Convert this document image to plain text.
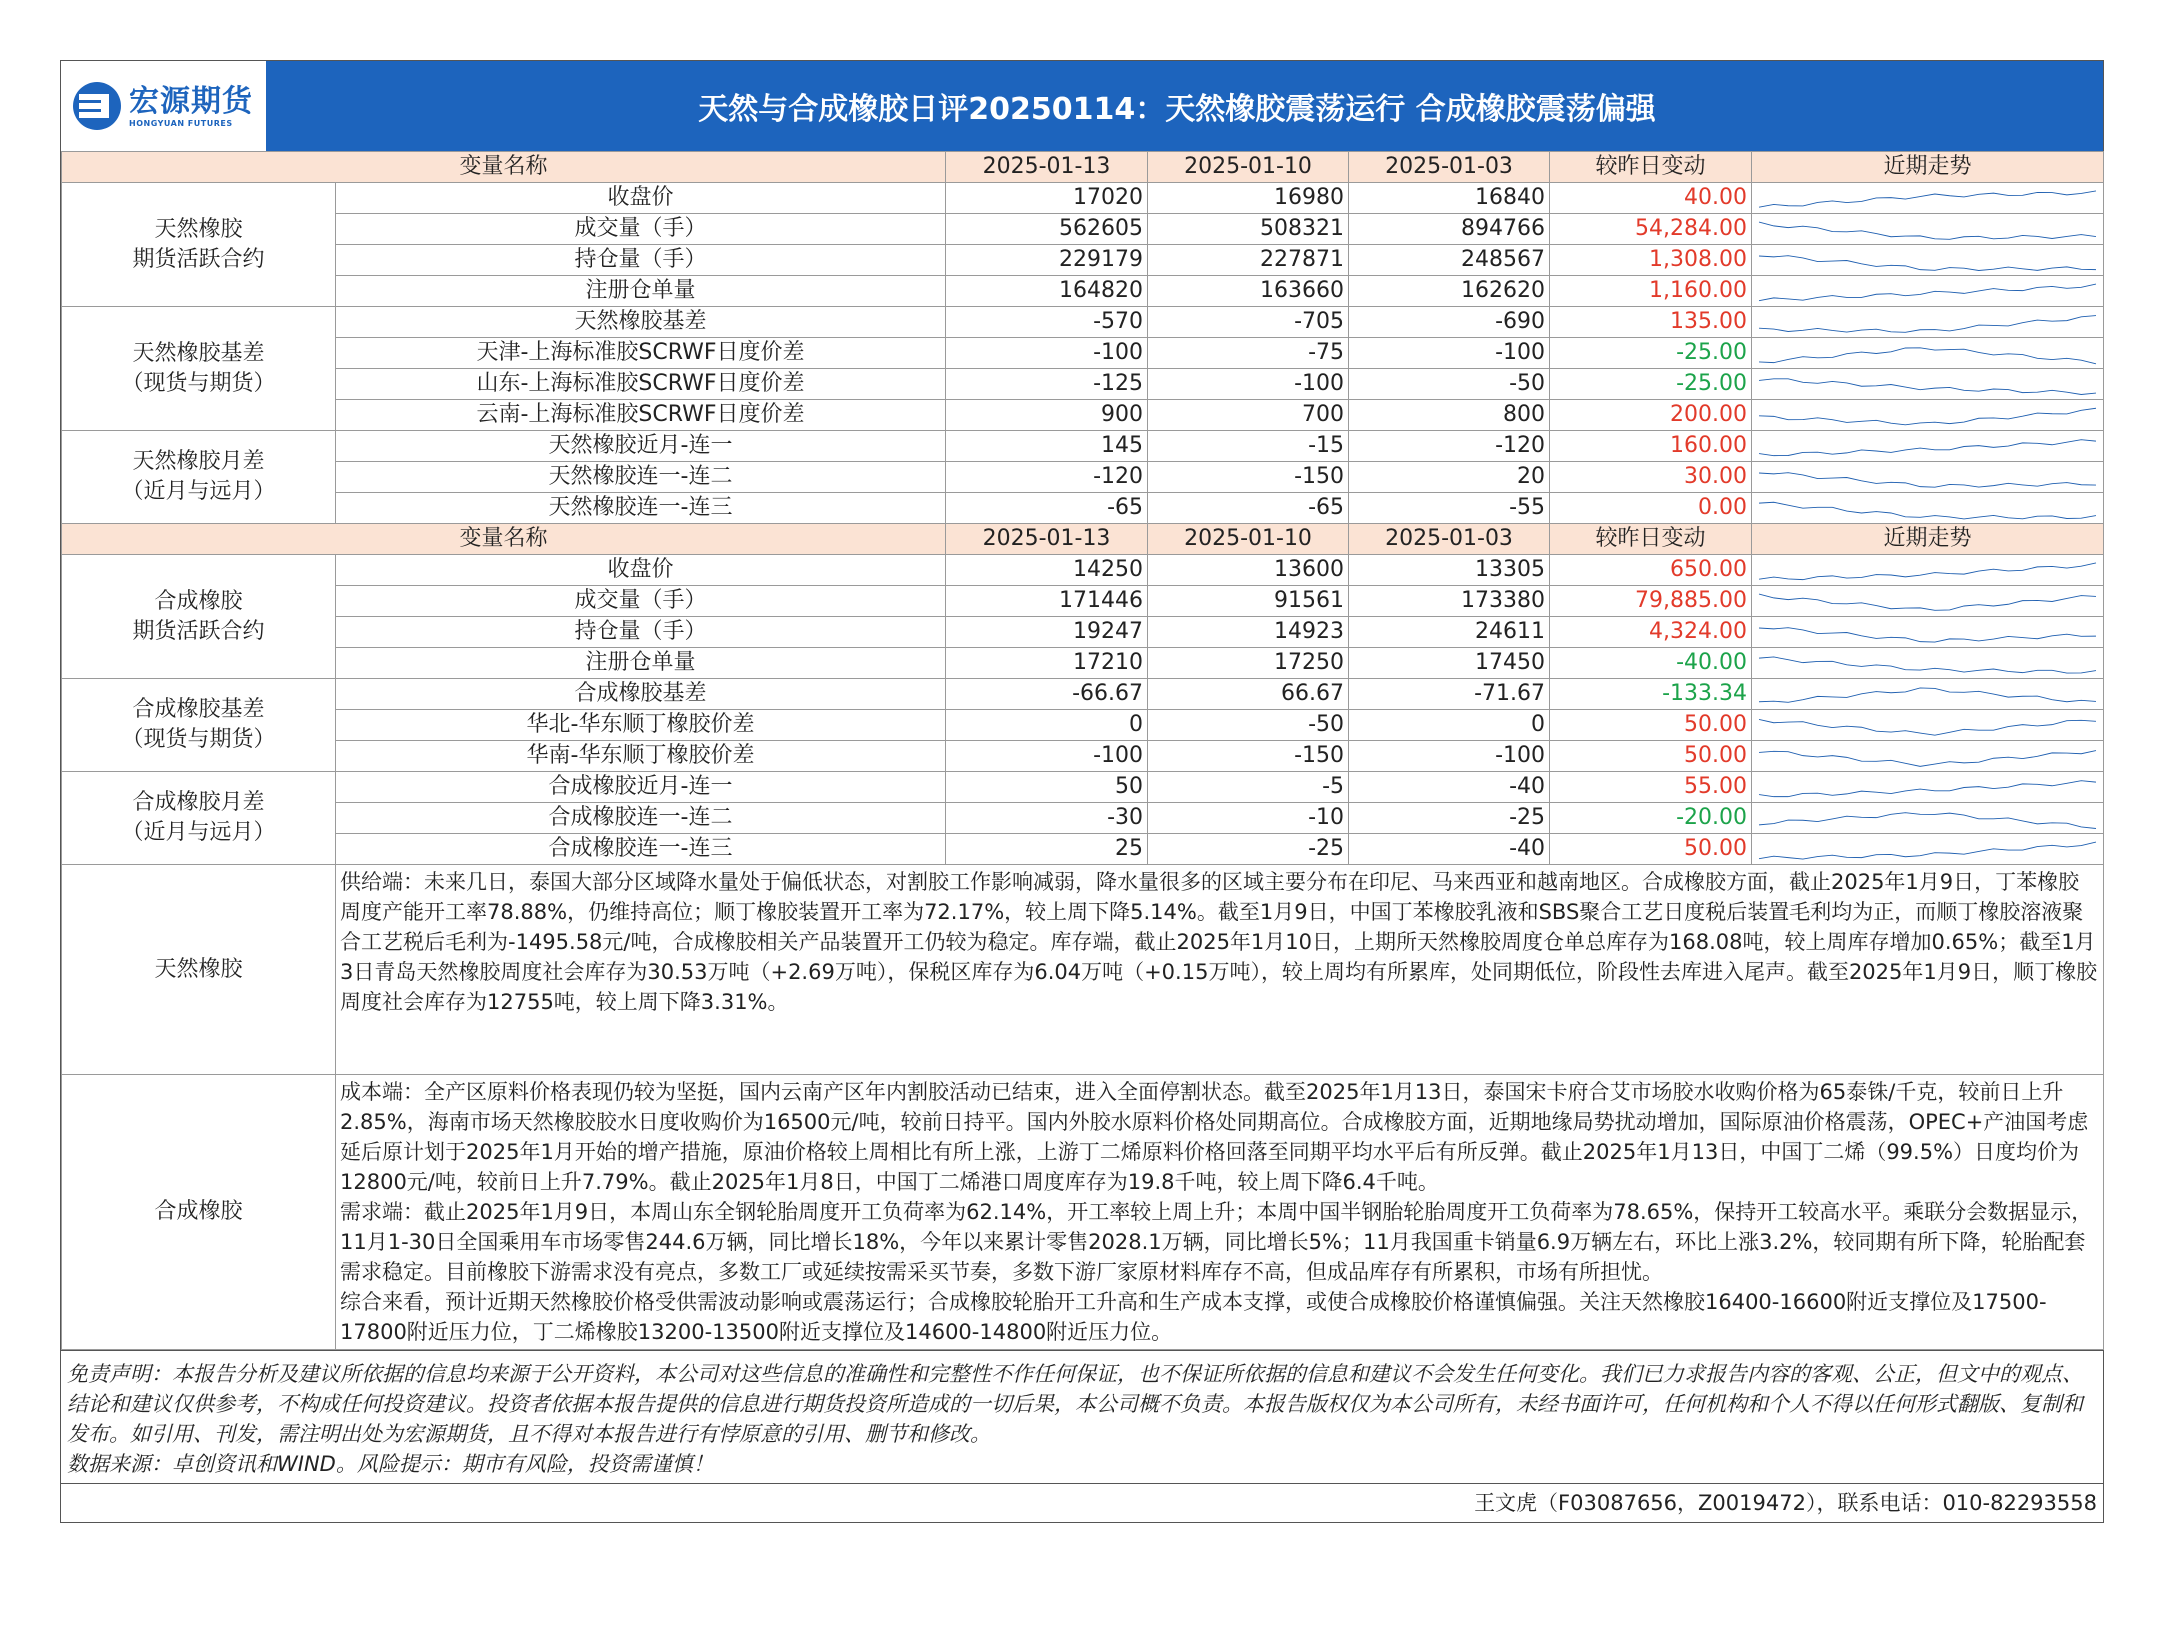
宏源期货
HONGYUAN FUTURES	天然与合成橡胶日评20250114：天然橡胶震荡运行 合成橡胶震荡偏强
变量名称		2025-01-13	2025-01-10	2025-01-03	较昨日变动	近期走势

天然橡胶
期货活跃合约	收盘价	17020	16980	16840	40.00	

	成交量（手）	562605	508321	894766	54,284.00	

	持仓量（手）	229179	227871	248567	1,308.00	

	注册仓单量	164820	163660	162620	1,160.00	

天然橡胶基差
（现货与期货）	天然橡胶基差	-570	-705	-690	135.00	

	天津-上海标准胶SCRWF日度价差	-100	-75	-100	-25.00	

	山东-上海标准胶SCRWF日度价差	-125	-100	-50	-25.00	

	云南-上海标准胶SCRWF日度价差	900	700	800	200.00	

天然橡胶月差
（近月与远月）	天然橡胶近月-连一	145	-15	-120	160.00	

	天然橡胶连一-连二	-120	-150	20	30.00	

	天然橡胶连一-连三	-65	-65	-55	0.00	

变量名称		2025-01-13	2025-01-10	2025-01-03	较昨日变动	近期走势

合成橡胶
期货活跃合约	收盘价	14250	13600	13305	650.00	

	成交量（手）	171446	91561	173380	79,885.00	

	持仓量（手）	19247	14923	24611	4,324.00	

	注册仓单量	17210	17250	17450	-40.00	

合成橡胶基差
（现货与期货）	合成橡胶基差	-66.67	66.67	-71.67	-133.34	

	华北-华东顺丁橡胶价差	0	-50	0	50.00	

	华南-华东顺丁橡胶价差	-100	-150	-100	50.00	

合成橡胶月差
（近月与远月）	合成橡胶近月-连一	50	-5	-40	55.00	

	合成橡胶连一-连二	-30	-10	-25	-20.00	

	合成橡胶连一-连三	25	-25	-40	50.00	

天然橡胶	供给端：未来几日，泰国大部分区域降水量处于偏低状态，对割胶工作影响减弱，降水量很多的区域主要分布在印尼、马来西亚和越南地区。合成橡胶方面，截止2025年1月9日，丁苯橡胶周度产能开工率78.88%，仍维持高位；顺丁橡胶装置开工率为72.17%，较上周下降5.14%。截至1月9日，中国丁苯橡胶乳液和SBS聚合工艺日度税后装置毛利均为正，而顺丁橡胶溶液聚合工艺税后毛利为-1495.58元/吨，合成橡胶相关产品装置开工仍较为稳定。库存端，截止2025年1月10日，上期所天然橡胶周度仓单总库存为168.08吨，较上周库存增加0.65%；截至1月3日青岛天然橡胶周度社会库存为30.53万吨（+2.69万吨），保税区库存为6.04万吨（+0.15万吨），较上周均有所累库，处同期低位，阶段性去库进入尾声。截至2025年1月9日，顺丁橡胶周度社会库存为12755吨，较上周下降3.31%。					
合成橡胶	成本端：全产区原料价格表现仍较为坚挺，国内云南产区年内割胶活动已结束，进入全面停割状态。截至2025年1月13日，泰国宋卡府合艾市场胶水收购价格为65泰铢/千克，较前日上升2.85%，海南市场天然橡胶胶水日度收购价为16500元/吨，较前日持平。国内外胶水原料价格处同期高位。合成橡胶方面，近期地缘局势扰动增加，国际原油价格震荡，OPEC+产油国考虑延后原计划于2025年1月开始的增产措施，原油价格较上周相比有所上涨，上游丁二烯原料价格回落至同期平均水平后有所反弹。截止2025年1月13日，中国丁二烯（99.5%）日度均价为12800元/吨，较前日上升7.79%。截止2025年1月8日，中国丁二烯港口周度库存为19.8千吨，较上周下降6.4千吨。
需求端：截止2025年1月9日，本周山东全钢轮胎周度开工负荷率为62.14%，开工率较上周上升；本周中国半钢胎轮胎周度开工负荷率为78.65%，保持开工较高水平。乘联分会数据显示，11月1-30日全国乘用车市场零售244.6万辆，同比增长18%，今年以来累计零售2028.1万辆，同比增长5%；11月我国重卡销量6.9万辆左右，环比上涨3.2%，较同期有所下降，轮胎配套需求稳定。目前橡胶下游需求没有亮点，多数工厂或延续按需采买节奏，多数下游厂家原材料库存不高，但成品库存有所累积，市场有所担忧。
综合来看，预计近期天然橡胶价格受供需波动影响或震荡运行；合成橡胶轮胎开工升高和生产成本支撑，或使合成橡胶价格谨慎偏强。关注天然橡胶16400-16600附近支撑位及17500-17800附近压力位，丁二烯橡胶13200-13500附近支撑位及14600-14800附近压力位。					
免责声明：本报告分析及建议所依据的信息均来源于公开资料，本公司对这些信息的准确性和完整性不作任何保证，也不保证所依据的信息和建议不会发生任何变化。我们已力求报告内容的客观、公正，但文中的观点、结论和建议仅供参考，不构成任何投资建议。投资者依据本报告提供的信息进行期货投资所造成的一切后果，本公司概不负责。本报告版权仅为本公司所有，未经书面许可，任何机构和个人不得以任何形式翻版、复制和发布。如引用、刊发，需注明出处为宏源期货，且不得对本报告进行有悖原意的引用、删节和修改。
数据来源：卓创资讯和WIND。风险提示：期市有风险，投资需谨慎！
王文虎（F03087656，Z0019472），联系电话：010-82293558
